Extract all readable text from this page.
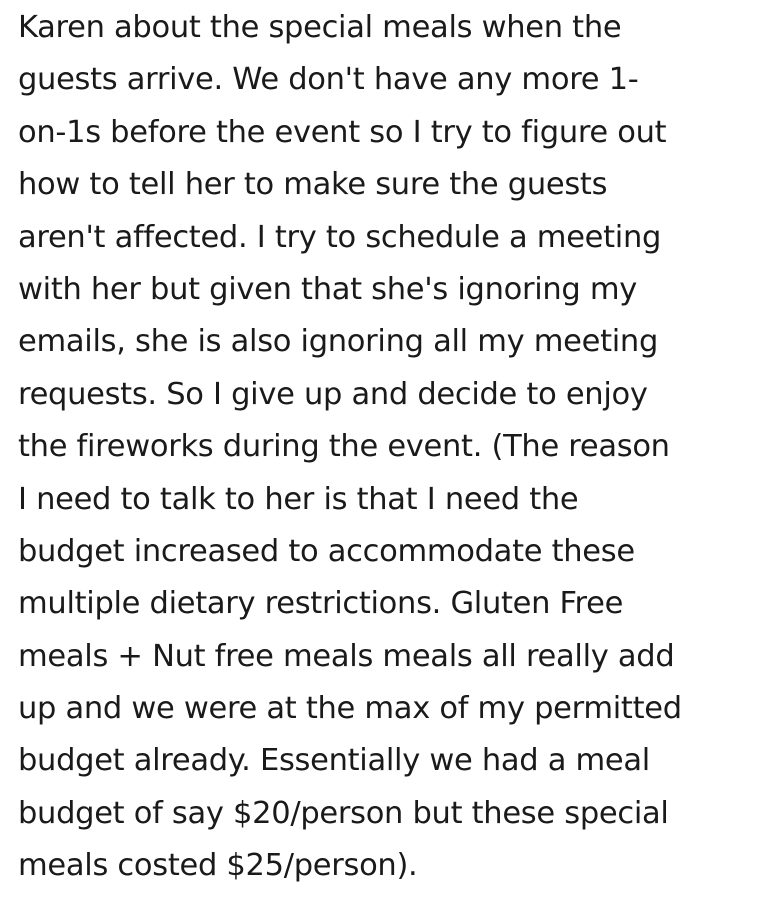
Karen about the special meals when the
guests arrive. We don't have any more 1-
on-1s before the event so I try to figure out
how to tell her to make sure the guests
aren't affected. I try to schedule a meeting
with her but given that she's ignoring my
emails, she is also ignoring all my meeting
requests. So I give up and decide to enjoy
the fireworks during the event. (The reason
I need to talk to her is that I need the
budget increased to accommodate these
multiple dietary restrictions. Gluten Free
meals + Nut free meals meals all really add
up and we were at the max of my permitted
budget already. Essentially we had a meal
budget of say $20/person but these special
meals costed $25/person).
